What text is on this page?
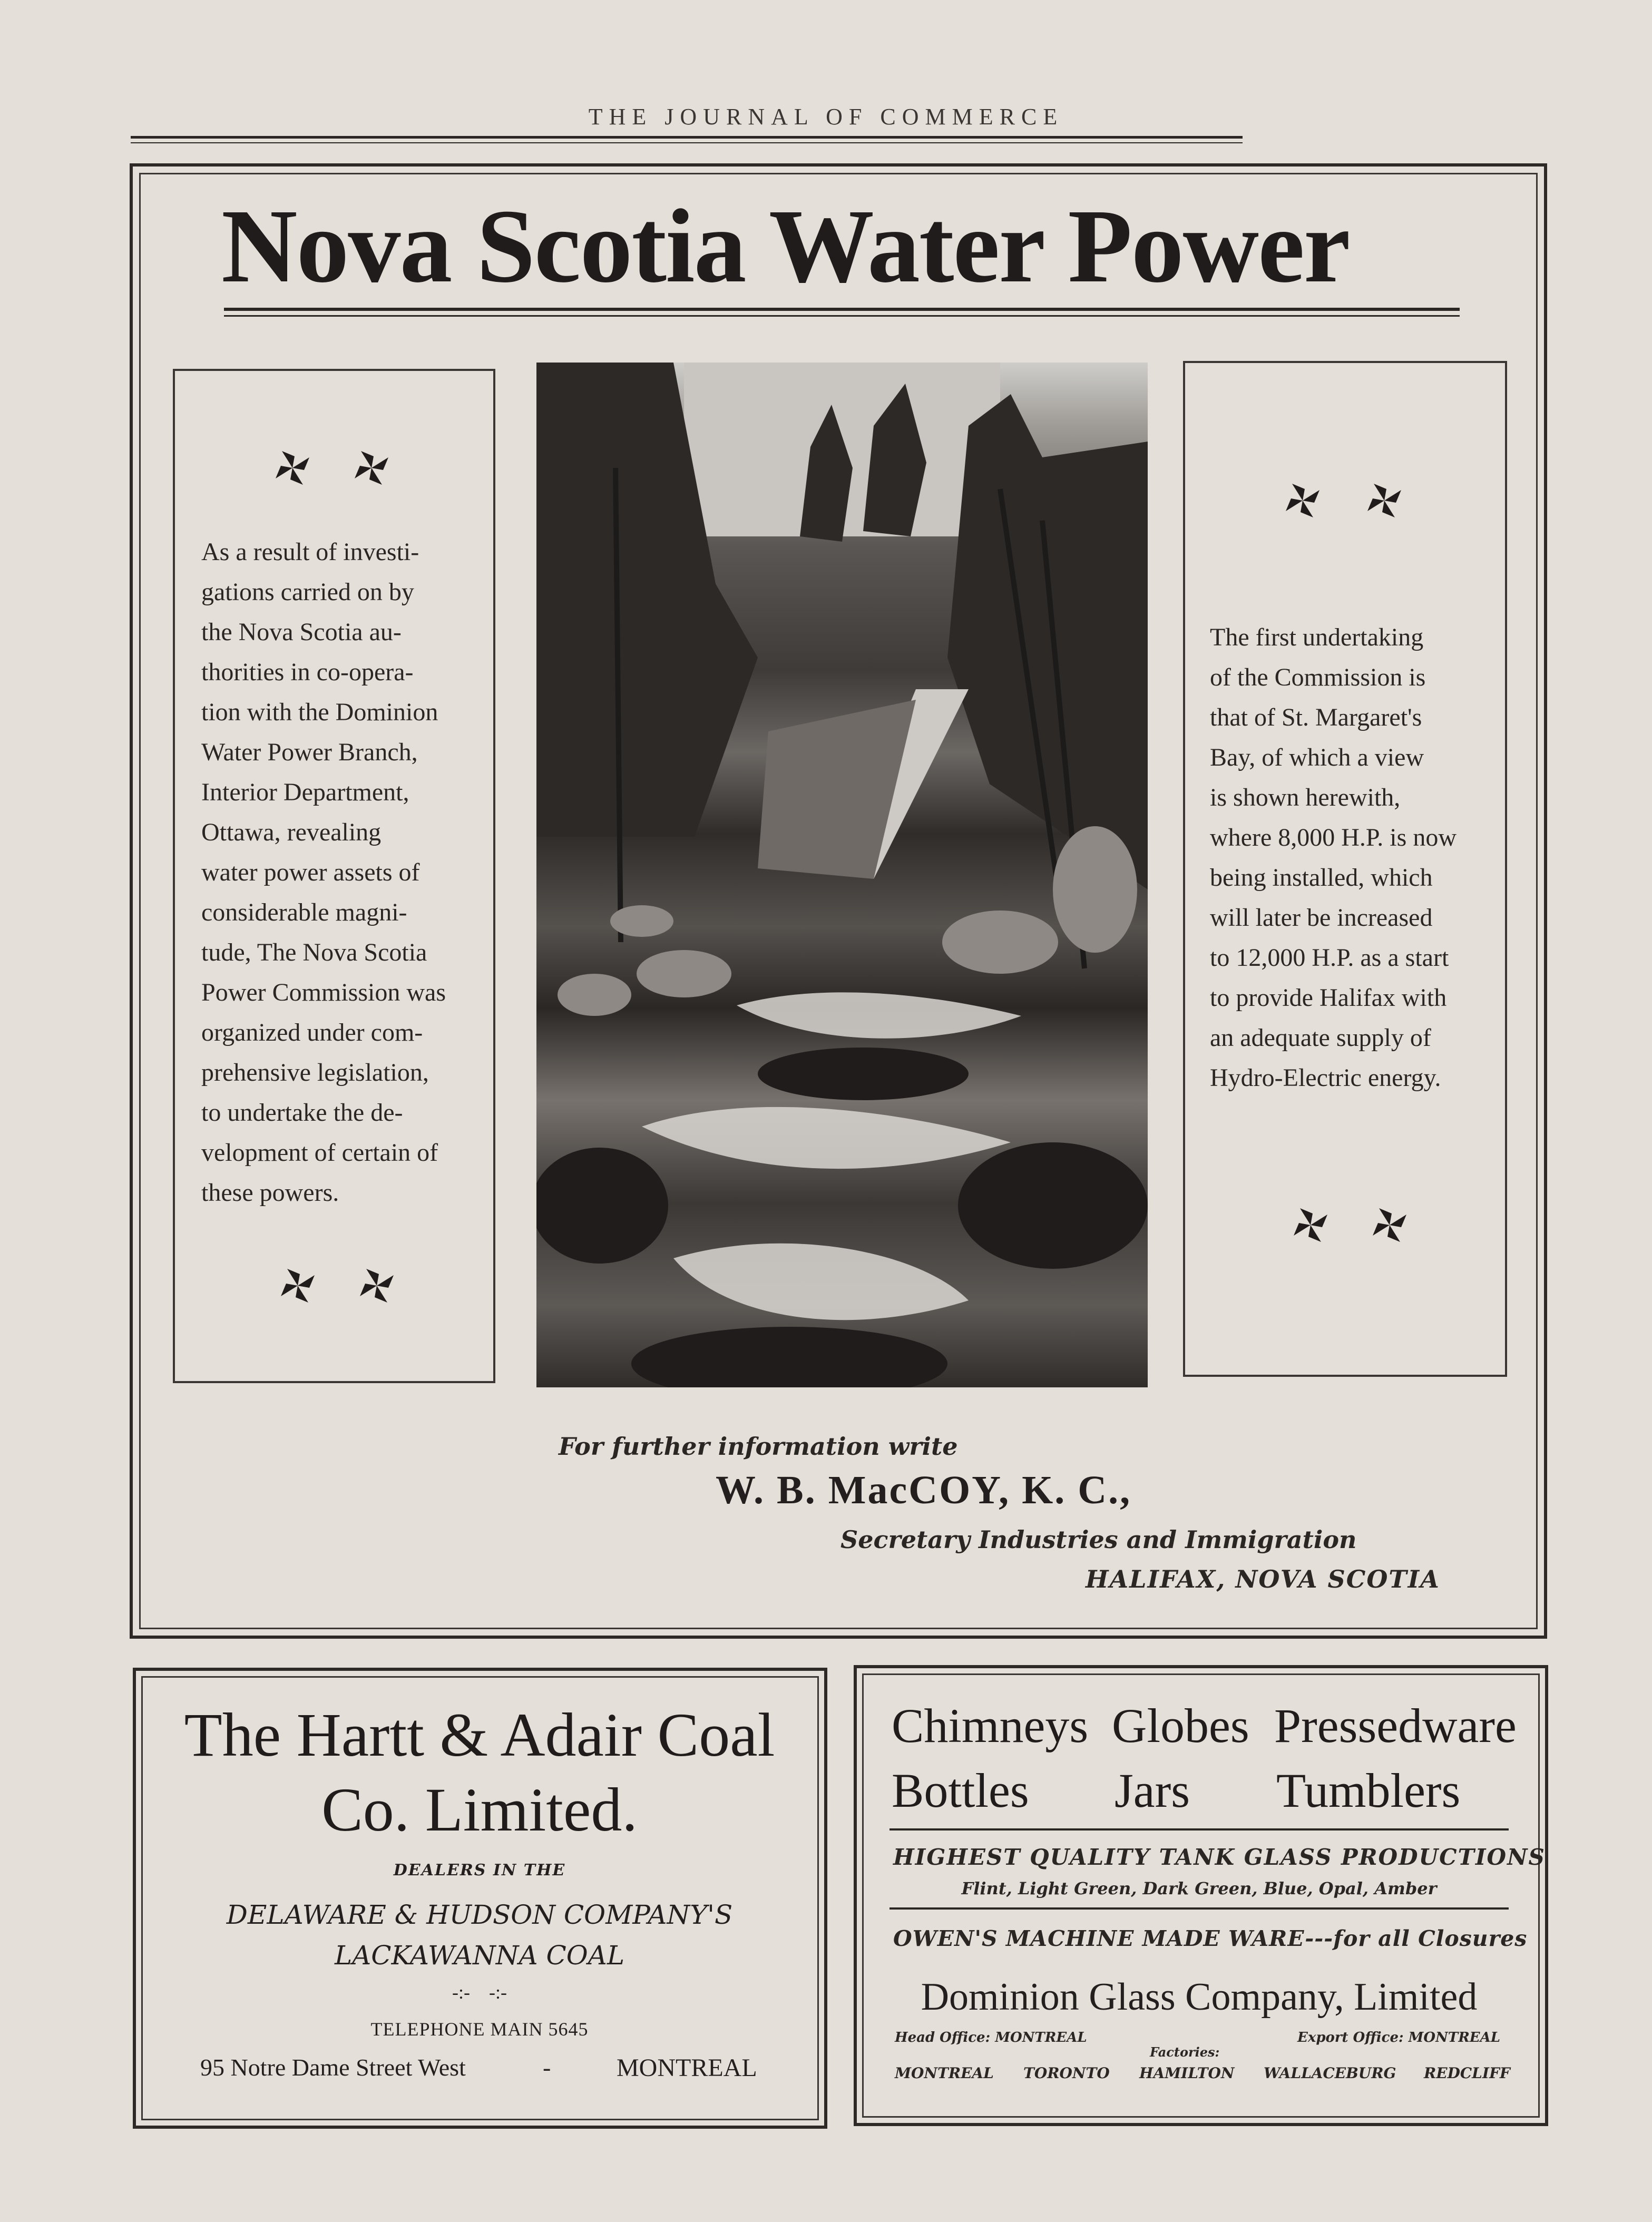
THE JOURNAL OF COMMERCE
Nova Scotia Water Power
As a result of investi-
gations carried on by
the Nova Scotia au-
thorities in co-opera-
tion with the Dominion
Water Power Branch,
Interior Department,
Ottawa, revealing
water power assets of
considerable magni-
tude, The Nova Scotia
Power Commission was
organized under com-
prehensive legislation,
to undertake the de-
velopment of certain of
these powers.
The first undertaking
of the Commission is
that of St. Margaret's
Bay, of which a view
is shown herewith,
where 8,000 H.P. is now
being installed, which
will later be increased
to 12,000 H.P. as a start
to provide Halifax with
an adequate supply of
Hydro-Electric energy.
For further information write
W. B. MacCOY, K. C.,
Secretary Industries and Immigration
HALIFAX, NOVA SCOTIA
The Hartt & Adair Coal
Co. Limited.
DEALERS IN THE
DELAWARE & HUDSON COMPANY'S
LACKAWANNA COAL
-:-    -:-
TELEPHONE MAIN 5645
95 Notre Dame Street West	-	MONTREAL
Chimneys Globes Pressedware
Bottles Jars Tumblers
HIGHEST QUALITY TANK GLASS PRODUCTIONS
Flint, Light Green, Dark Green, Blue, Opal, Amber
OWEN'S MACHINE MADE WARE---for all Closures
Dominion Glass Company, Limited
Head Office: MONTREAL	Export Office: MONTREAL
Factories:
MONTREAL TORONTO HAMILTON WALLACEBURG REDCLIFF
